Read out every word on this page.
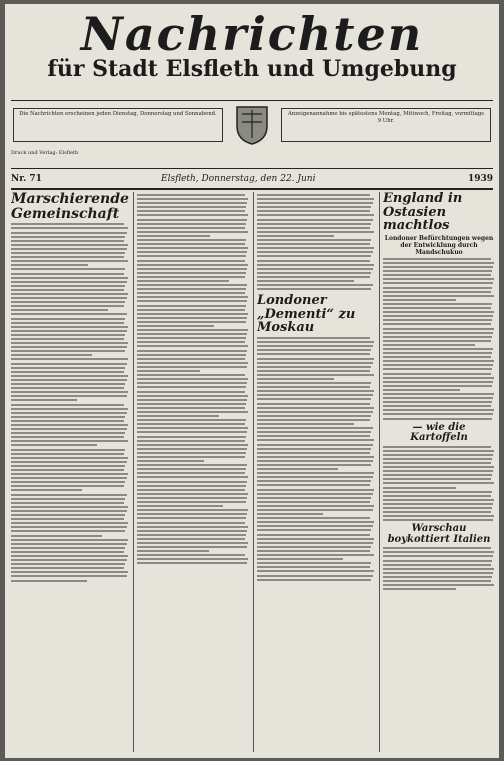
Nachrichten
für Stadt Elsfleth und Umgebung
Die Nachrichten erscheinen jeden Dienstag, Donnerstag und Sonnabend.	Anzeigenannahme bis spätestens Montag, Mittwoch, Freitag, vormittags 9 Uhr.
Druck und Verlag: Elsfleth
Nr. 71	Elsfleth, Donnerstag, den 22. Juni	1939
Marschierende Gemeinschaft
Londoner „Dementi“ zu Moskau
England in Ostasien machtlos
Londoner Befürchtungen wegen der Entwicklung durch Mandschukuo
— wie die Kartoffeln
Warschau boykottiert Italien
